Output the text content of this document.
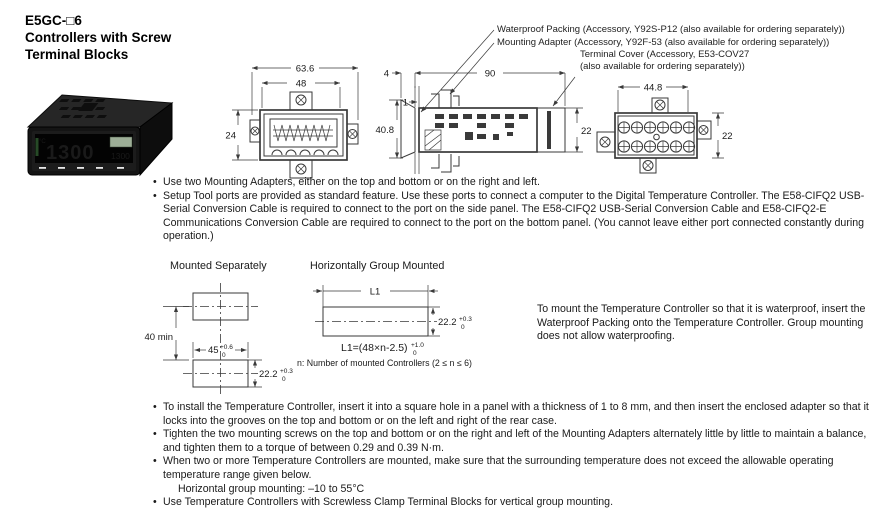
E5GC-□6
Controllers with Screw
Terminal Blocks
°C 1300 1300
Waterproof Packing (Accessory, Y92S-P12 (also available for ordering separately))
Mounting Adapter (Accessory, Y92F-53 (also available for ordering separately))
Terminal Cover (Accessory, E53-COV27
(also available for ordering separately))
63.6
48
24
4	90
1
40.8	22
44.8
22
• Use two Mounting Adapters, either on the top and bottom or on the right and left.
• Setup Tool ports are provided as standard feature. Use these ports to connect a computer to the Digital Temperature Controller. The E58-CIFQ2 USB-Serial Conversion Cable is required to connect to the port on the side panel. The E58-CIFQ2 USB-Serial Conversion Cable and E58-CIFQ2-E Communications Conversion Cable are required to connect to the port on the bottom panel. (You cannot leave either port connected constantly during operation.)
Mounted Separately	Horizontally Group Mounted
40 min
45 +0.6
0
22.2 +0.3
0
L1
22.2 +0.3
0
L1=(48×n-2.5) +1.0
0
n: Number of mounted Controllers (2 ≤ n ≤ 6)
To mount the Temperature Controller so that it is waterproof, insert the Waterproof Packing onto the Temperature Controller. Group mounting does not allow waterproofing.
• To install the Temperature Controller, insert it into a square hole in a panel with a thickness of 1 to 8 mm, and then insert the enclosed adapter so that it locks into the grooves on the top and bottom or on the left and right of the rear case.
• Tighten the two mounting screws on the top and bottom or on the right and left of the Mounting Adapters alternately little by little to maintain a balance, and tighten them to a torque of between 0.29 and 0.39 N·m.
• When two or more Temperature Controllers are mounted, make sure that the surrounding temperature does not exceed the allowable operating temperature range given below.
Horizontal group mounting: –10 to 55°C
• Use Temperature Controllers with Screwless Clamp Terminal Blocks for vertical group mounting.
